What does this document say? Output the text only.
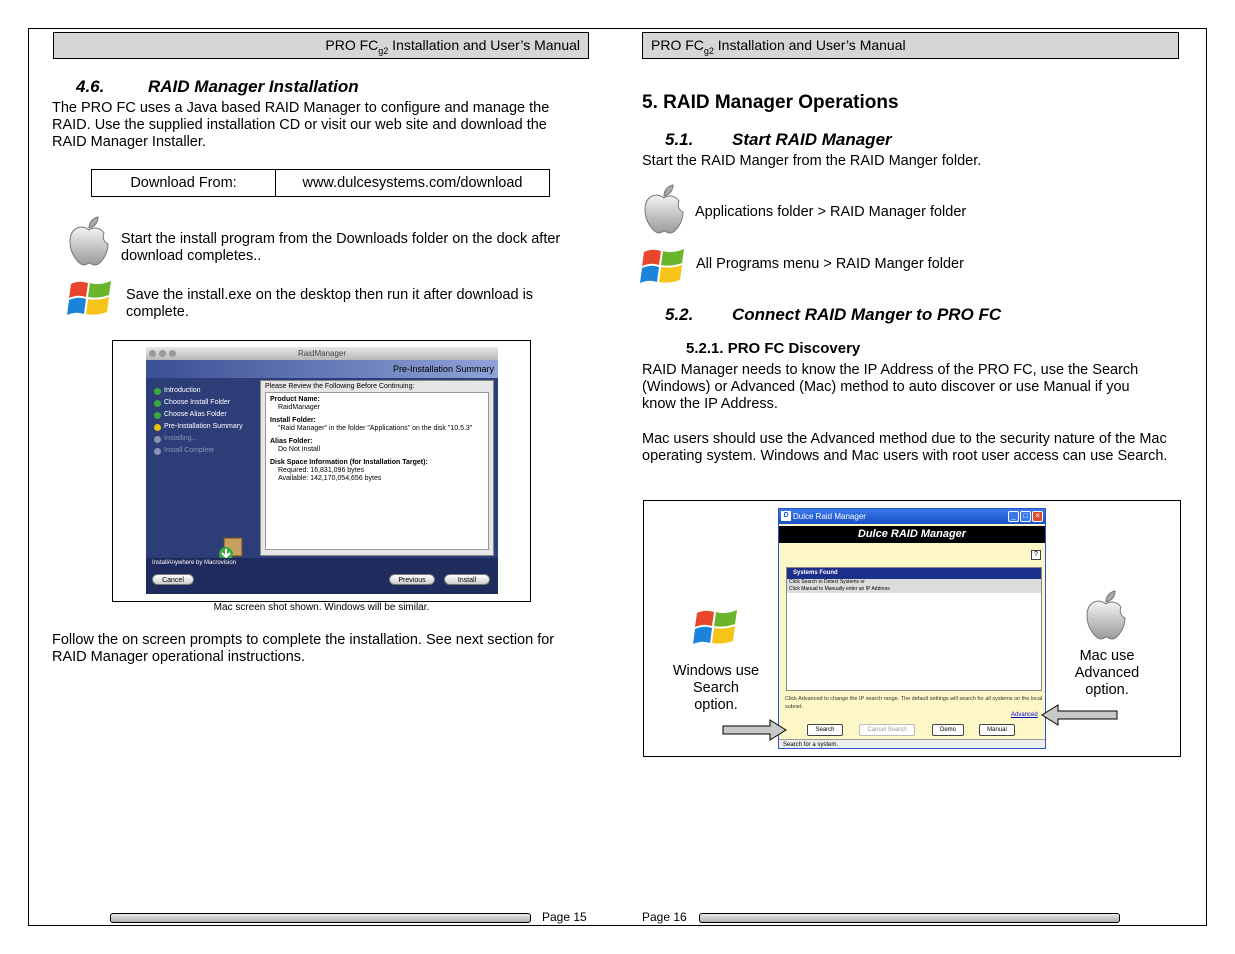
PRO $FC_{g2}$ Installation and User’s Manual
4.6.	RAID Manager Installation
The PRO FC uses a Java based RAID Manager to configure and manage the RAID. Use the supplied installation CD or visit our web site and download the RAID Manager Installer.
Download From:	www.dulcesystems.com/download
Start the install program from the Downloads folder on the dock after download completes..
Save the install.exe on the desktop then run it after download is complete.
RaidManager
Pre-Installation Summary
Introduction
Choose Install Folder
Choose Alias Folder
Pre-Installation Summary
Installing...
Install Complete
Please Review the Following Before Continuing:
Product Name:

RaidManager

Install Folder:

"Raid Manager" in the folder "Applications" on the disk "10.5.3"

Alias Folder:

Do Not Install

Disk Space Information (for Installation Target):

Required: 16,831,096 bytes

Available: 142,170,054,656 bytes

InstallAnywhere by Macrovision
Cancel	Previous	Install
Mac screen shot shown. Windows will be similar.
Follow the on screen prompts to complete the installation. See next section for RAID Manager operational instructions.
Page 15
PRO $FC_{g2}$ Installation and User’s Manual
5. RAID Manager Operations
5.1. Start RAID Manager
Start the RAID Manger from the RAID Manger folder.
Applications folder > RAID Manager folder
All Programs menu > RAID Manger folder
5.2. Connect RAID Manger to PRO FC
5.2.1. PRO FC Discovery
RAID Manager needs to know the IP Address of the PRO FC, use the Search (Windows) or Advanced (Mac) method to auto discover or use Manual if you know the IP Address.
Mac users should use the Advanced method due to the security nature of the Mac operating system. Windows and Mac users with root user access can use Search.
Windows use Search option.
Mac use Advanced option.
D Dulce Raid Manager	_	□ ✕
Dulce RAID Manager
?
Systems Found
Click Search to Detect Systems or
Click Manual to Manually enter an IP Address
Click Advanced to change the IP search range. The default settings will search for all systems on the local subnet.
Advanced
Search	Cancel Search	Demo	Manual
Search for a system.
Page 16
